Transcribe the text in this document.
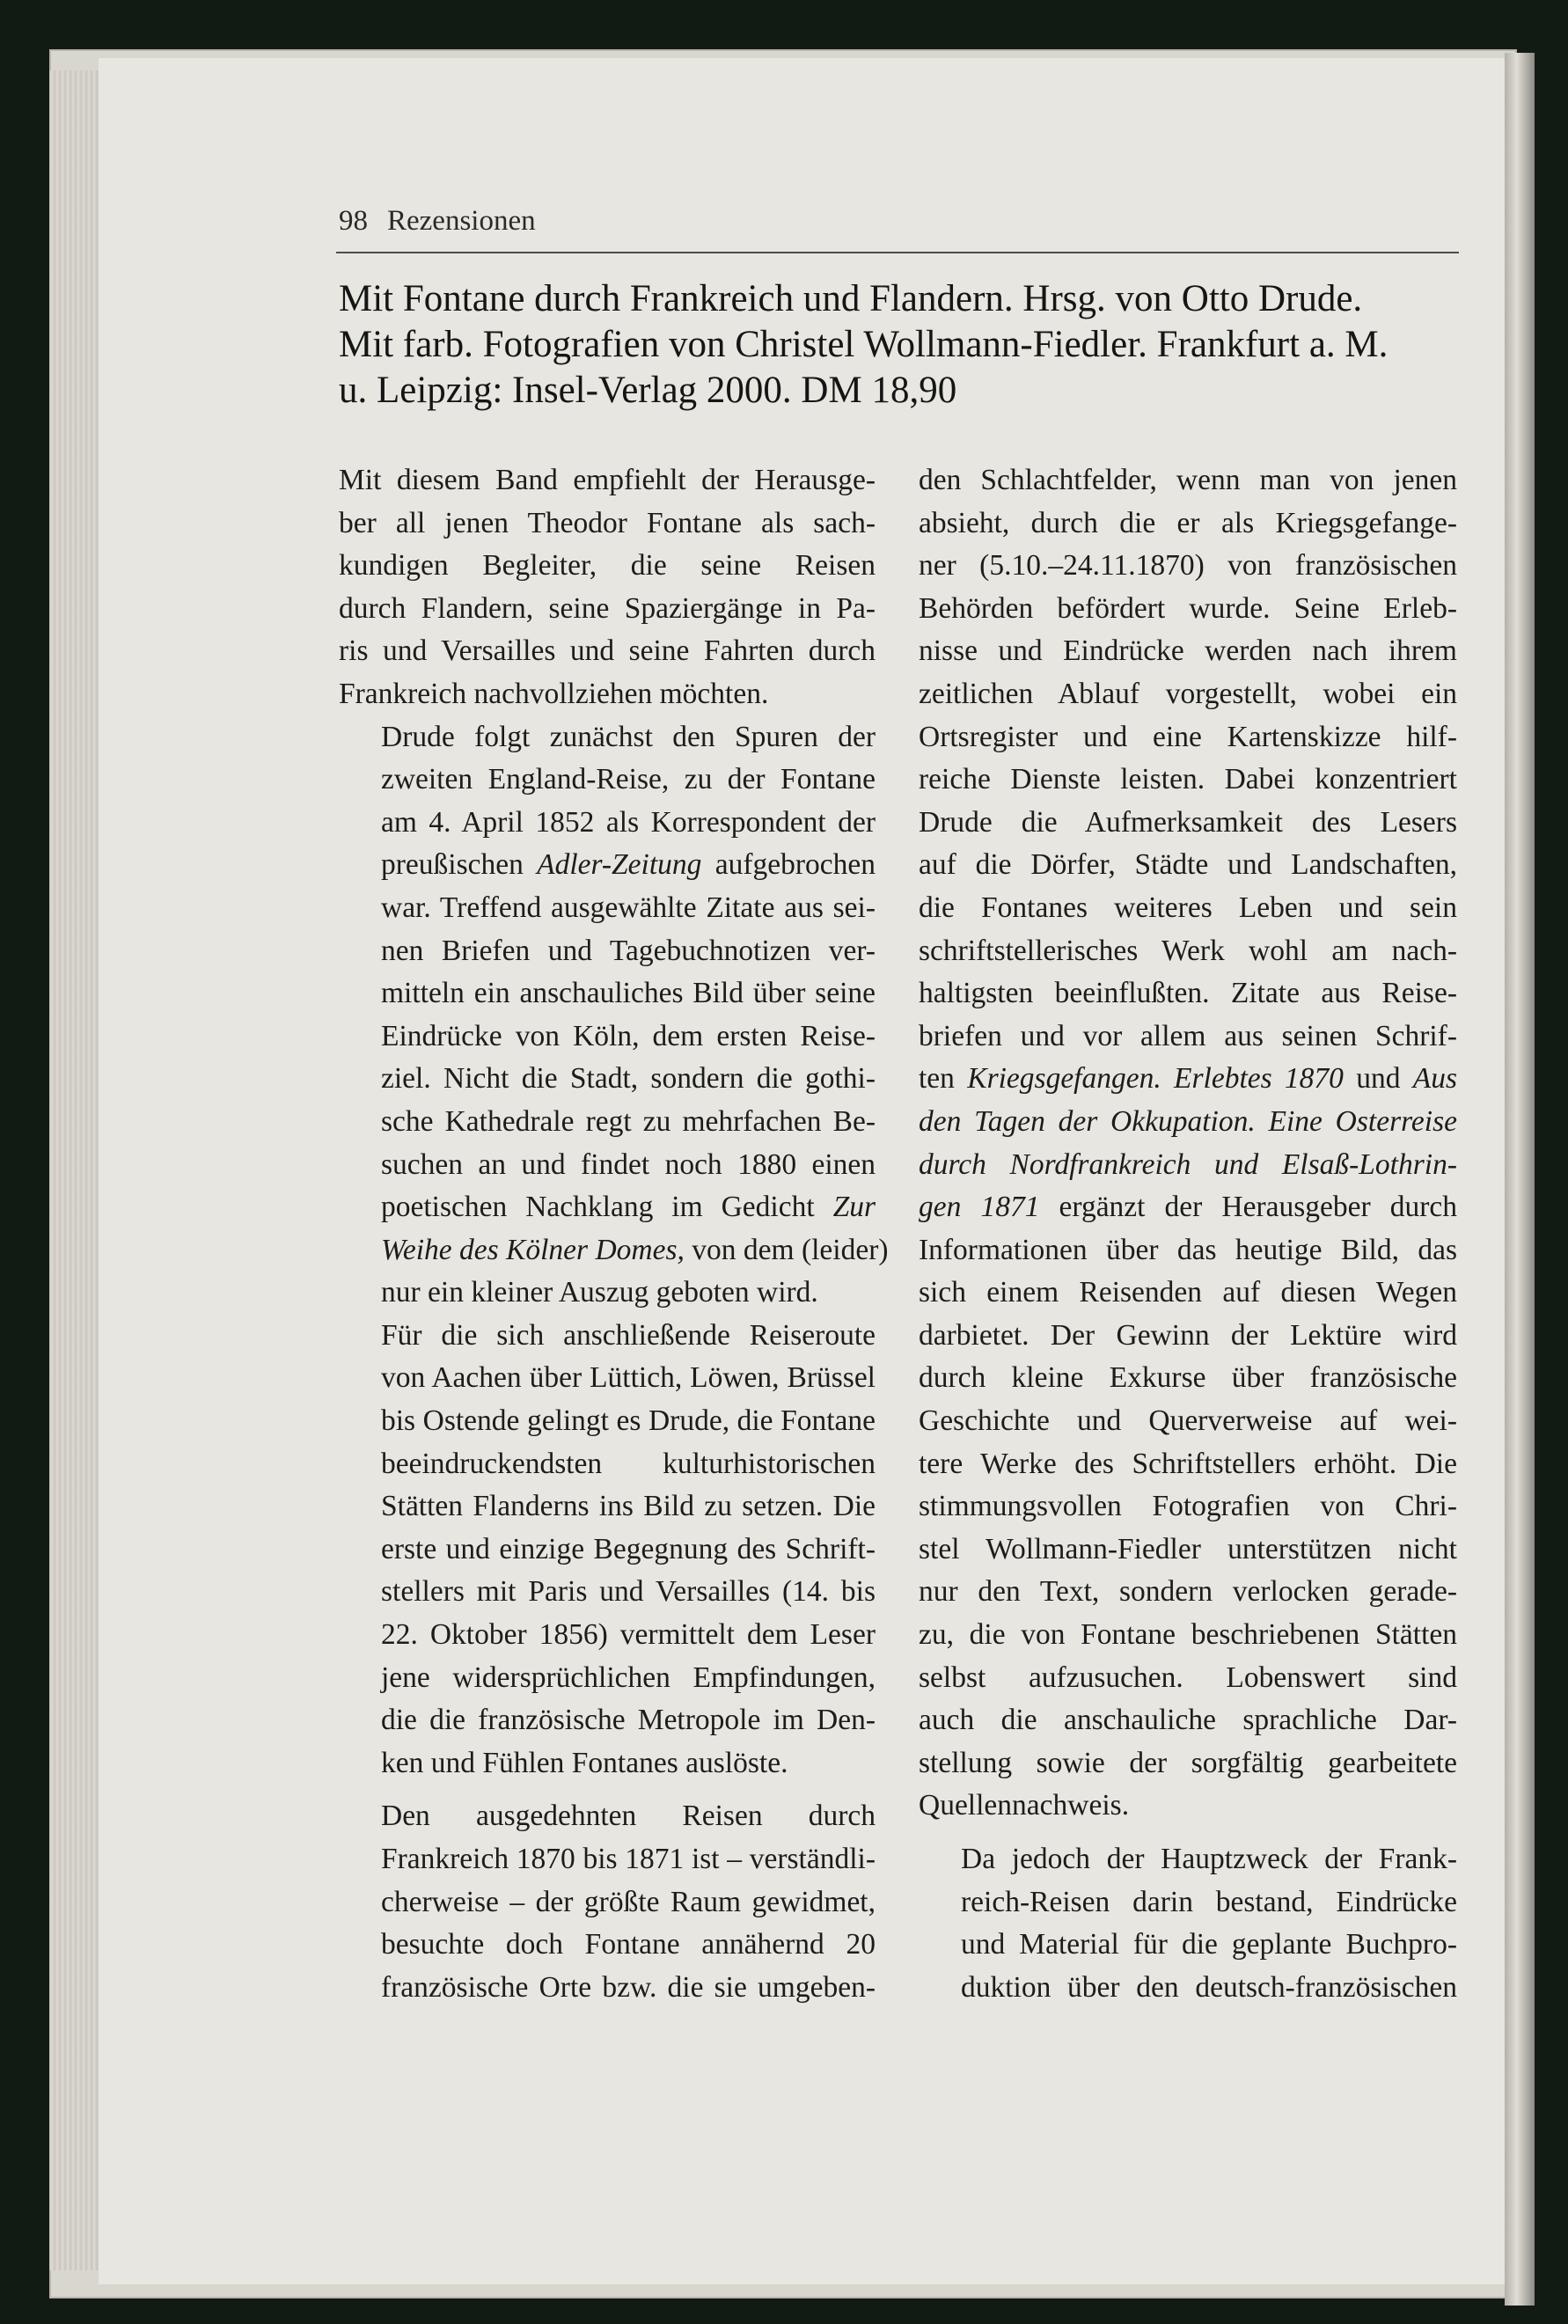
98 Rezensionen
Mit Fontane durch Frankreich und Flandern. Hrsg. von Otto Drude.
Mit farb. Fotografien von Christel Wollmann-Fiedler. Frankfurt a. M.
u. Leipzig: Insel-Verlag 2000. DM 18,90

Mit diesem Band empfiehlt der Herausge-
ber all jenen Theodor Fontane als sach-
kundigen Begleiter, die seine Reisen
durch Flandern, seine Spaziergänge in Pa-
ris und Versailles und seine Fahrten durch
Frankreich nachvollziehen möchten.

Drude folgt zunächst den Spuren der
zweiten England-Reise, zu der Fontane
am 4. April 1852 als Korrespondent der
preußischen Adler-Zeitung aufgebrochen
war. Treffend ausgewählte Zitate aus sei-
nen Briefen und Tagebuchnotizen ver-
mitteln ein anschauliches Bild über seine
Eindrücke von Köln, dem ersten Reise-
ziel. Nicht die Stadt, sondern die gothi-
sche Kathedrale regt zu mehrfachen Be-
suchen an und findet noch 1880 einen
poetischen Nachklang im Gedicht Zur
Weihe des Kölner Domes, von dem (leider)
nur ein kleiner Auszug geboten wird.

Für die sich anschließende Reiseroute
von Aachen über Lüttich, Löwen, Brüssel
bis Ostende gelingt es Drude, die Fontane
beeindruckendsten kulturhistorischen
Stätten Flanderns ins Bild zu setzen. Die
erste und einzige Begegnung des Schrift-
stellers mit Paris und Versailles (14. bis
22. Oktober 1856) vermittelt dem Leser
jene widersprüchlichen Empfindungen,
die die französische Metropole im Den-
ken und Fühlen Fontanes auslöste.

Den ausgedehnten Reisen durch
Frankreich 1870 bis 1871 ist – verständli-
cherweise – der größte Raum gewidmet,
besuchte doch Fontane annähernd 20
französische Orte bzw. die sie umgeben-

den Schlachtfelder, wenn man von jenen
absieht, durch die er als Kriegsgefange-
ner (5.10.–24.11.1870) von französischen
Behörden befördert wurde. Seine Erleb-
nisse und Eindrücke werden nach ihrem
zeitlichen Ablauf vorgestellt, wobei ein
Ortsregister und eine Kartenskizze hilf-
reiche Dienste leisten. Dabei konzentriert
Drude die Aufmerksamkeit des Lesers
auf die Dörfer, Städte und Landschaften,
die Fontanes weiteres Leben und sein
schriftstellerisches Werk wohl am nach-
haltigsten beeinflußten. Zitate aus Reise-
briefen und vor allem aus seinen Schrif-
ten Kriegsgefangen. Erlebtes 1870 und Aus
den Tagen der Okkupation. Eine Osterreise
durch Nordfrankreich und Elsaß-Lothrin-
gen 1871 ergänzt der Herausgeber durch
Informationen über das heutige Bild, das
sich einem Reisenden auf diesen Wegen
darbietet. Der Gewinn der Lektüre wird
durch kleine Exkurse über französische
Geschichte und Querverweise auf wei-
tere Werke des Schriftstellers erhöht. Die
stimmungsvollen Fotografien von Chri-
stel Wollmann-Fiedler unterstützen nicht
nur den Text, sondern verlocken gerade-
zu, die von Fontane beschriebenen Stätten
selbst aufzusuchen. Lobenswert sind
auch die anschauliche sprachliche Dar-
stellung sowie der sorgfältig gearbeitete
Quellennachweis.

Da jedoch der Hauptzweck der Frank-
reich-Reisen darin bestand, Eindrücke
und Material für die geplante Buchpro-
duktion über den deutsch-französischen
